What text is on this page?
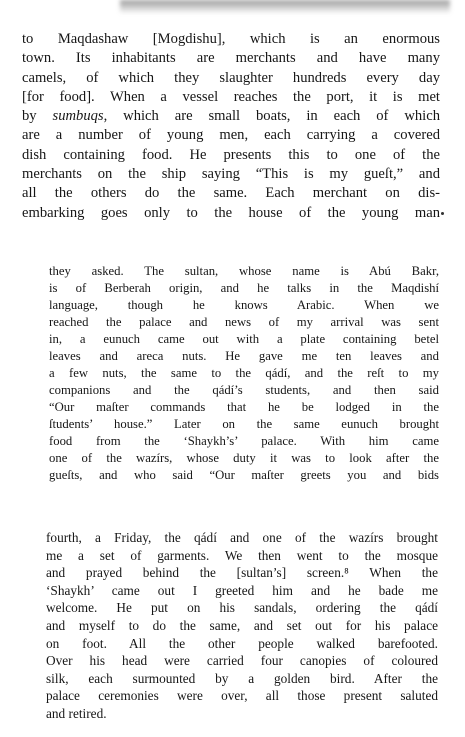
to Maqdashaw [Mogdishu], which is an enormous
town. Its inhabitants are merchants and have many
camels, of which they slaughter hundreds every day
[for food]. When a vessel reaches the port, it is met
by sumbuqs, which are small boats, in each of which
are a number of young men, each carrying a covered
dish containing food. He presents this to one of the
merchants on the ship saying “This is my gueſt,” and
all the others do the same. Each merchant on dis-
embarking goes only to the house of the young man
they asked. The sultan, whose name is Abú Bakr,
is of Berberah origin, and he talks in the Maqdishí
language, though he knows Arabic. When we
reached the palace and news of my arrival was sent
in, a eunuch came out with a plate containing betel
leaves and areca nuts. He gave me ten leaves and
a few nuts, the same to the qádí, and the reſt to my
companions and the qádí’s students, and then said
“Our maſter commands that he be lodged in the
ſtudents’ house.” Later on the same eunuch brought
food from the ‘Shaykh’s’ palace. With him came
one of the wazírs, whose duty it was to look after the
gueſts, and who said “Our maſter greets you and bids
fourth, a Friday, the qádí and one of the wazírs brought
me a set of garments. We then went to the mosque
and prayed behind the [sultan’s] screen.⁸ When the
‘Shaykh’ came out I greeted him and he bade me
welcome. He put on his sandals, ordering the qádí
and myself to do the same, and set out for his palace
on foot. All the other people walked barefooted.
Over his head were carried four canopies of coloured
silk, each surmounted by a golden bird. After the
palace ceremonies were over, all those present saluted
and retired.
